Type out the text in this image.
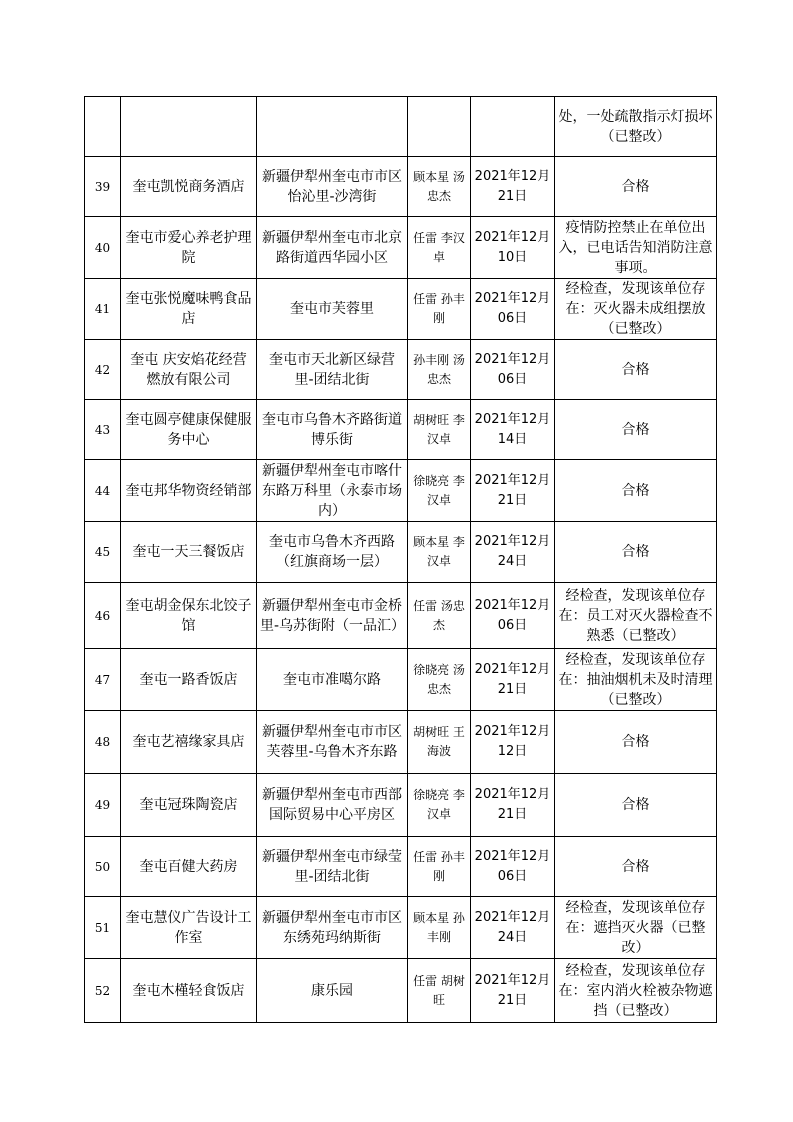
					处，一处疏散指示灯损坏（已整改）
39	奎屯凯悦商务酒店	新疆伊犁州奎屯市市区怡沁里-沙湾街	顾本星 汤忠杰	2021年12月21日	合格
40	奎屯市爱心养老护理院	新疆伊犁州奎屯市北京路街道西华园小区	任雷 李汉卓	2021年12月10日	疫情防控禁止在单位出入，已电话告知消防注意事项。
41	奎屯张悦魔味鸭食品店	奎屯市芙蓉里	任雷 孙丰刚	2021年12月06日	经检查，发现该单位存在：灭火器未成组摆放（已整改）
42	奎屯 庆安焰花经营燃放有限公司	奎屯市天北新区绿营里-团结北街	孙丰刚 汤忠杰	2021年12月06日	合格
43	奎屯圆亭健康保健服务中心	奎屯市乌鲁木齐路街道博乐街	胡树旺 李汉卓	2021年12月14日	合格
44	奎屯邦华物资经销部	新疆伊犁州奎屯市喀什东路万科里（永泰市场内）	徐晓亮 李汉卓	2021年12月21日	合格
45	奎屯一天三餐饭店	奎屯市乌鲁木齐西路（红旗商场一层）	顾本星 李汉卓	2021年12月24日	合格
46	奎屯胡金保东北饺子馆	新疆伊犁州奎屯市金桥里-乌苏街附（一品汇）	任雷 汤忠杰	2021年12月06日	经检查，发现该单位存在：员工对灭火器检查不熟悉（已整改）
47	奎屯一路香饭店	奎屯市准噶尔路	徐晓亮 汤忠杰	2021年12月21日	经检查，发现该单位存在：抽油烟机未及时清理（已整改）
48	奎屯艺禧缘家具店	新疆伊犁州奎屯市市区芙蓉里-乌鲁木齐东路	胡树旺 王海波	2021年12月12日	合格
49	奎屯冠珠陶瓷店	新疆伊犁州奎屯市西部国际贸易中心平房区	徐晓亮 李汉卓	2021年12月21日	合格
50	奎屯百健大药房	新疆伊犁州奎屯市绿莹里-团结北街	任雷 孙丰刚	2021年12月06日	合格
51	奎屯慧仪广告设计工作室	新疆伊犁州奎屯市市区东绣苑玛纳斯街	顾本星 孙丰刚	2021年12月24日	经检查，发现该单位存在：遮挡灭火器（已整改）
52	奎屯木槿轻食饭店	康乐园	任雷 胡树旺	2021年12月21日	经检查，发现该单位存在：室内消火栓被杂物遮挡（已整改）
